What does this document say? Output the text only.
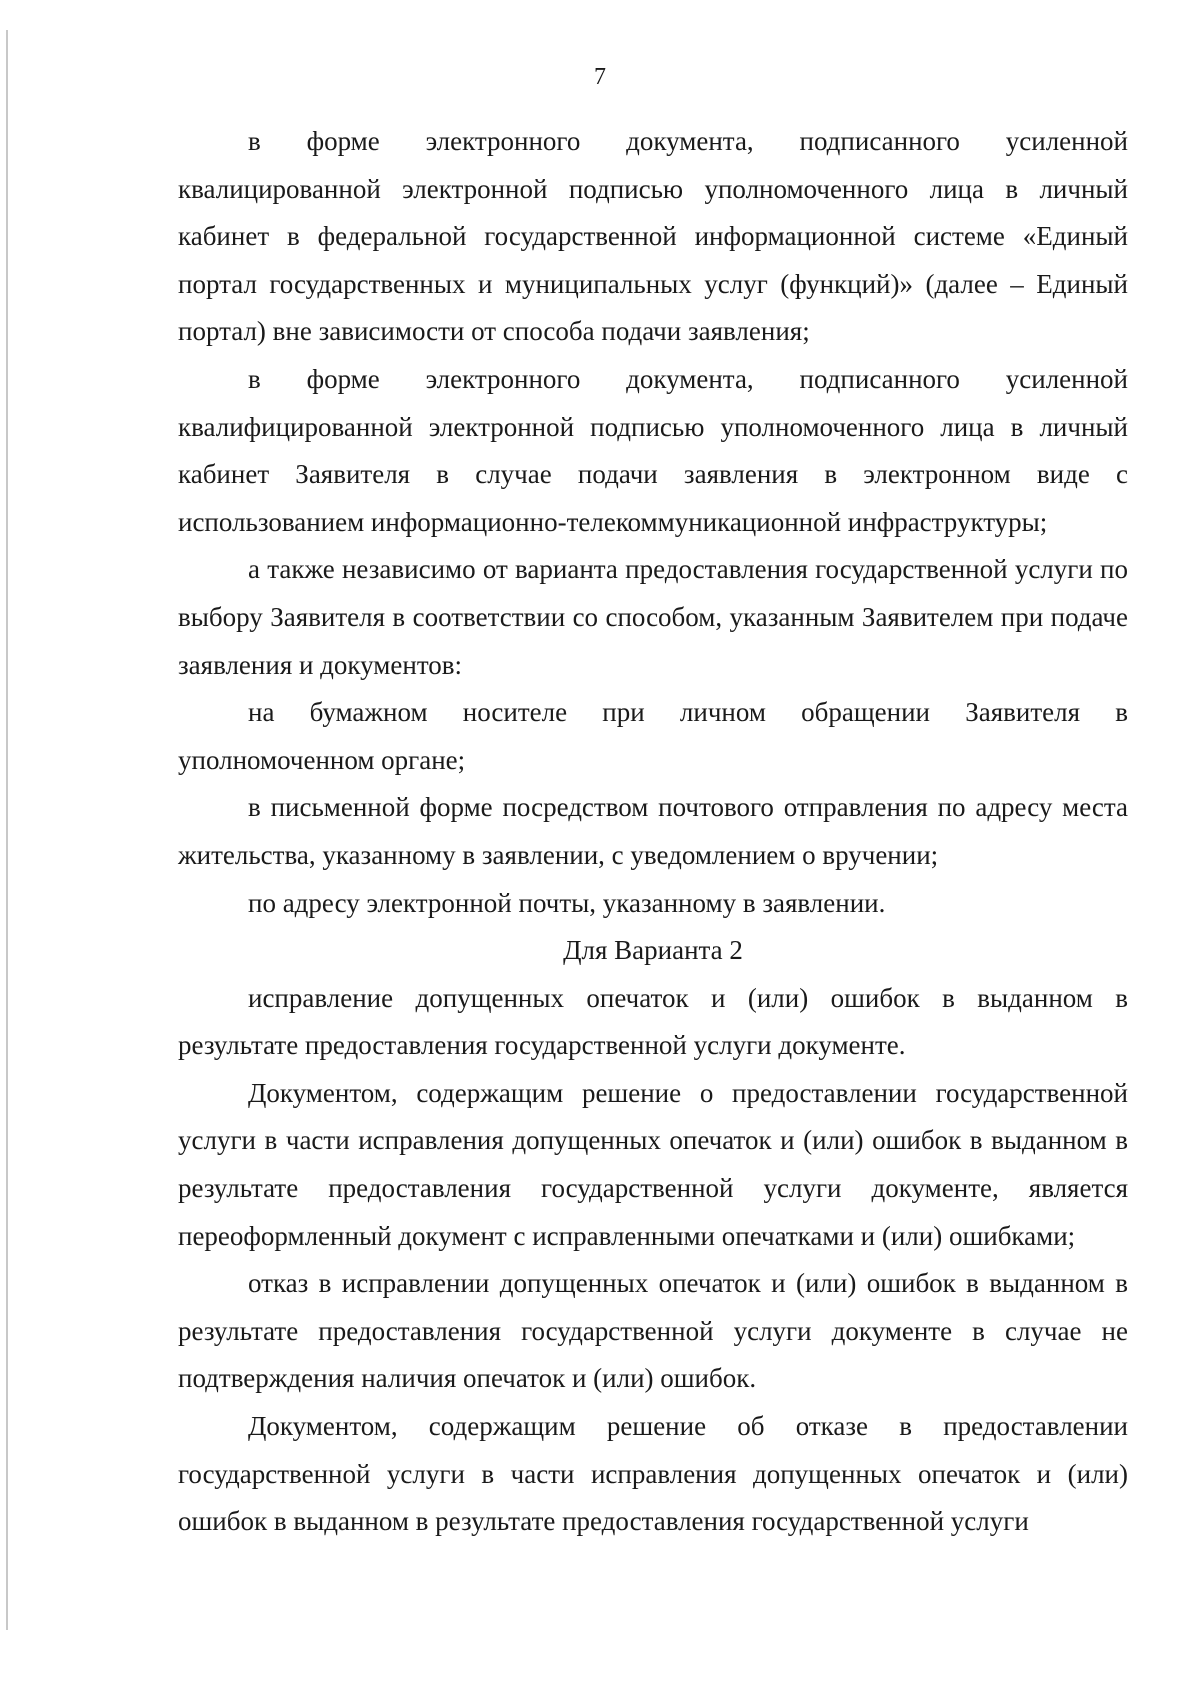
7

в форме электронного документа, подписанного усиленной квалицированной электронной подписью уполномоченного лица в личный кабинет в федеральной государственной информационной системе «Единый портал государственных и муниципальных услуг (функций)» (далее – Единый портал) вне зависимости от способа подачи заявления;

в форме электронного документа, подписанного усиленной квалифицированной электронной подписью уполномоченного лица в личный кабинет Заявителя в случае подачи заявления в электронном виде с использованием информационно-телекоммуникационной инфраструктуры;

а также независимо от варианта предоставления государственной услуги по выбору Заявителя в соответствии со способом, указанным Заявителем при подаче заявления и документов:

на бумажном носителе при личном обращении Заявителя в уполномоченном органе;

в письменной форме посредством почтового отправления по адресу места жительства, указанному в заявлении, с уведомлением о вручении;

по адресу электронной почты, указанному в заявлении.

Для Варианта 2

исправление допущенных опечаток и (или) ошибок в выданном в результате предоставления государственной услуги документе.

Документом, содержащим решение о предоставлении государственной услуги в части исправления допущенных опечаток и (или) ошибок в выданном в результате предоставления государственной услуги документе, является переоформленный документ с исправленными опечатками и (или) ошибками;

отказ в исправлении допущенных опечаток и (или) ошибок в выданном в результате предоставления государственной услуги документе в случае не подтверждения наличия опечаток и (или) ошибок.

Документом, содержащим решение об отказе в предоставлении государственной услуги в части исправления допущенных опечаток и (или) ошибок в выданном в результате предоставления государственной услуги
